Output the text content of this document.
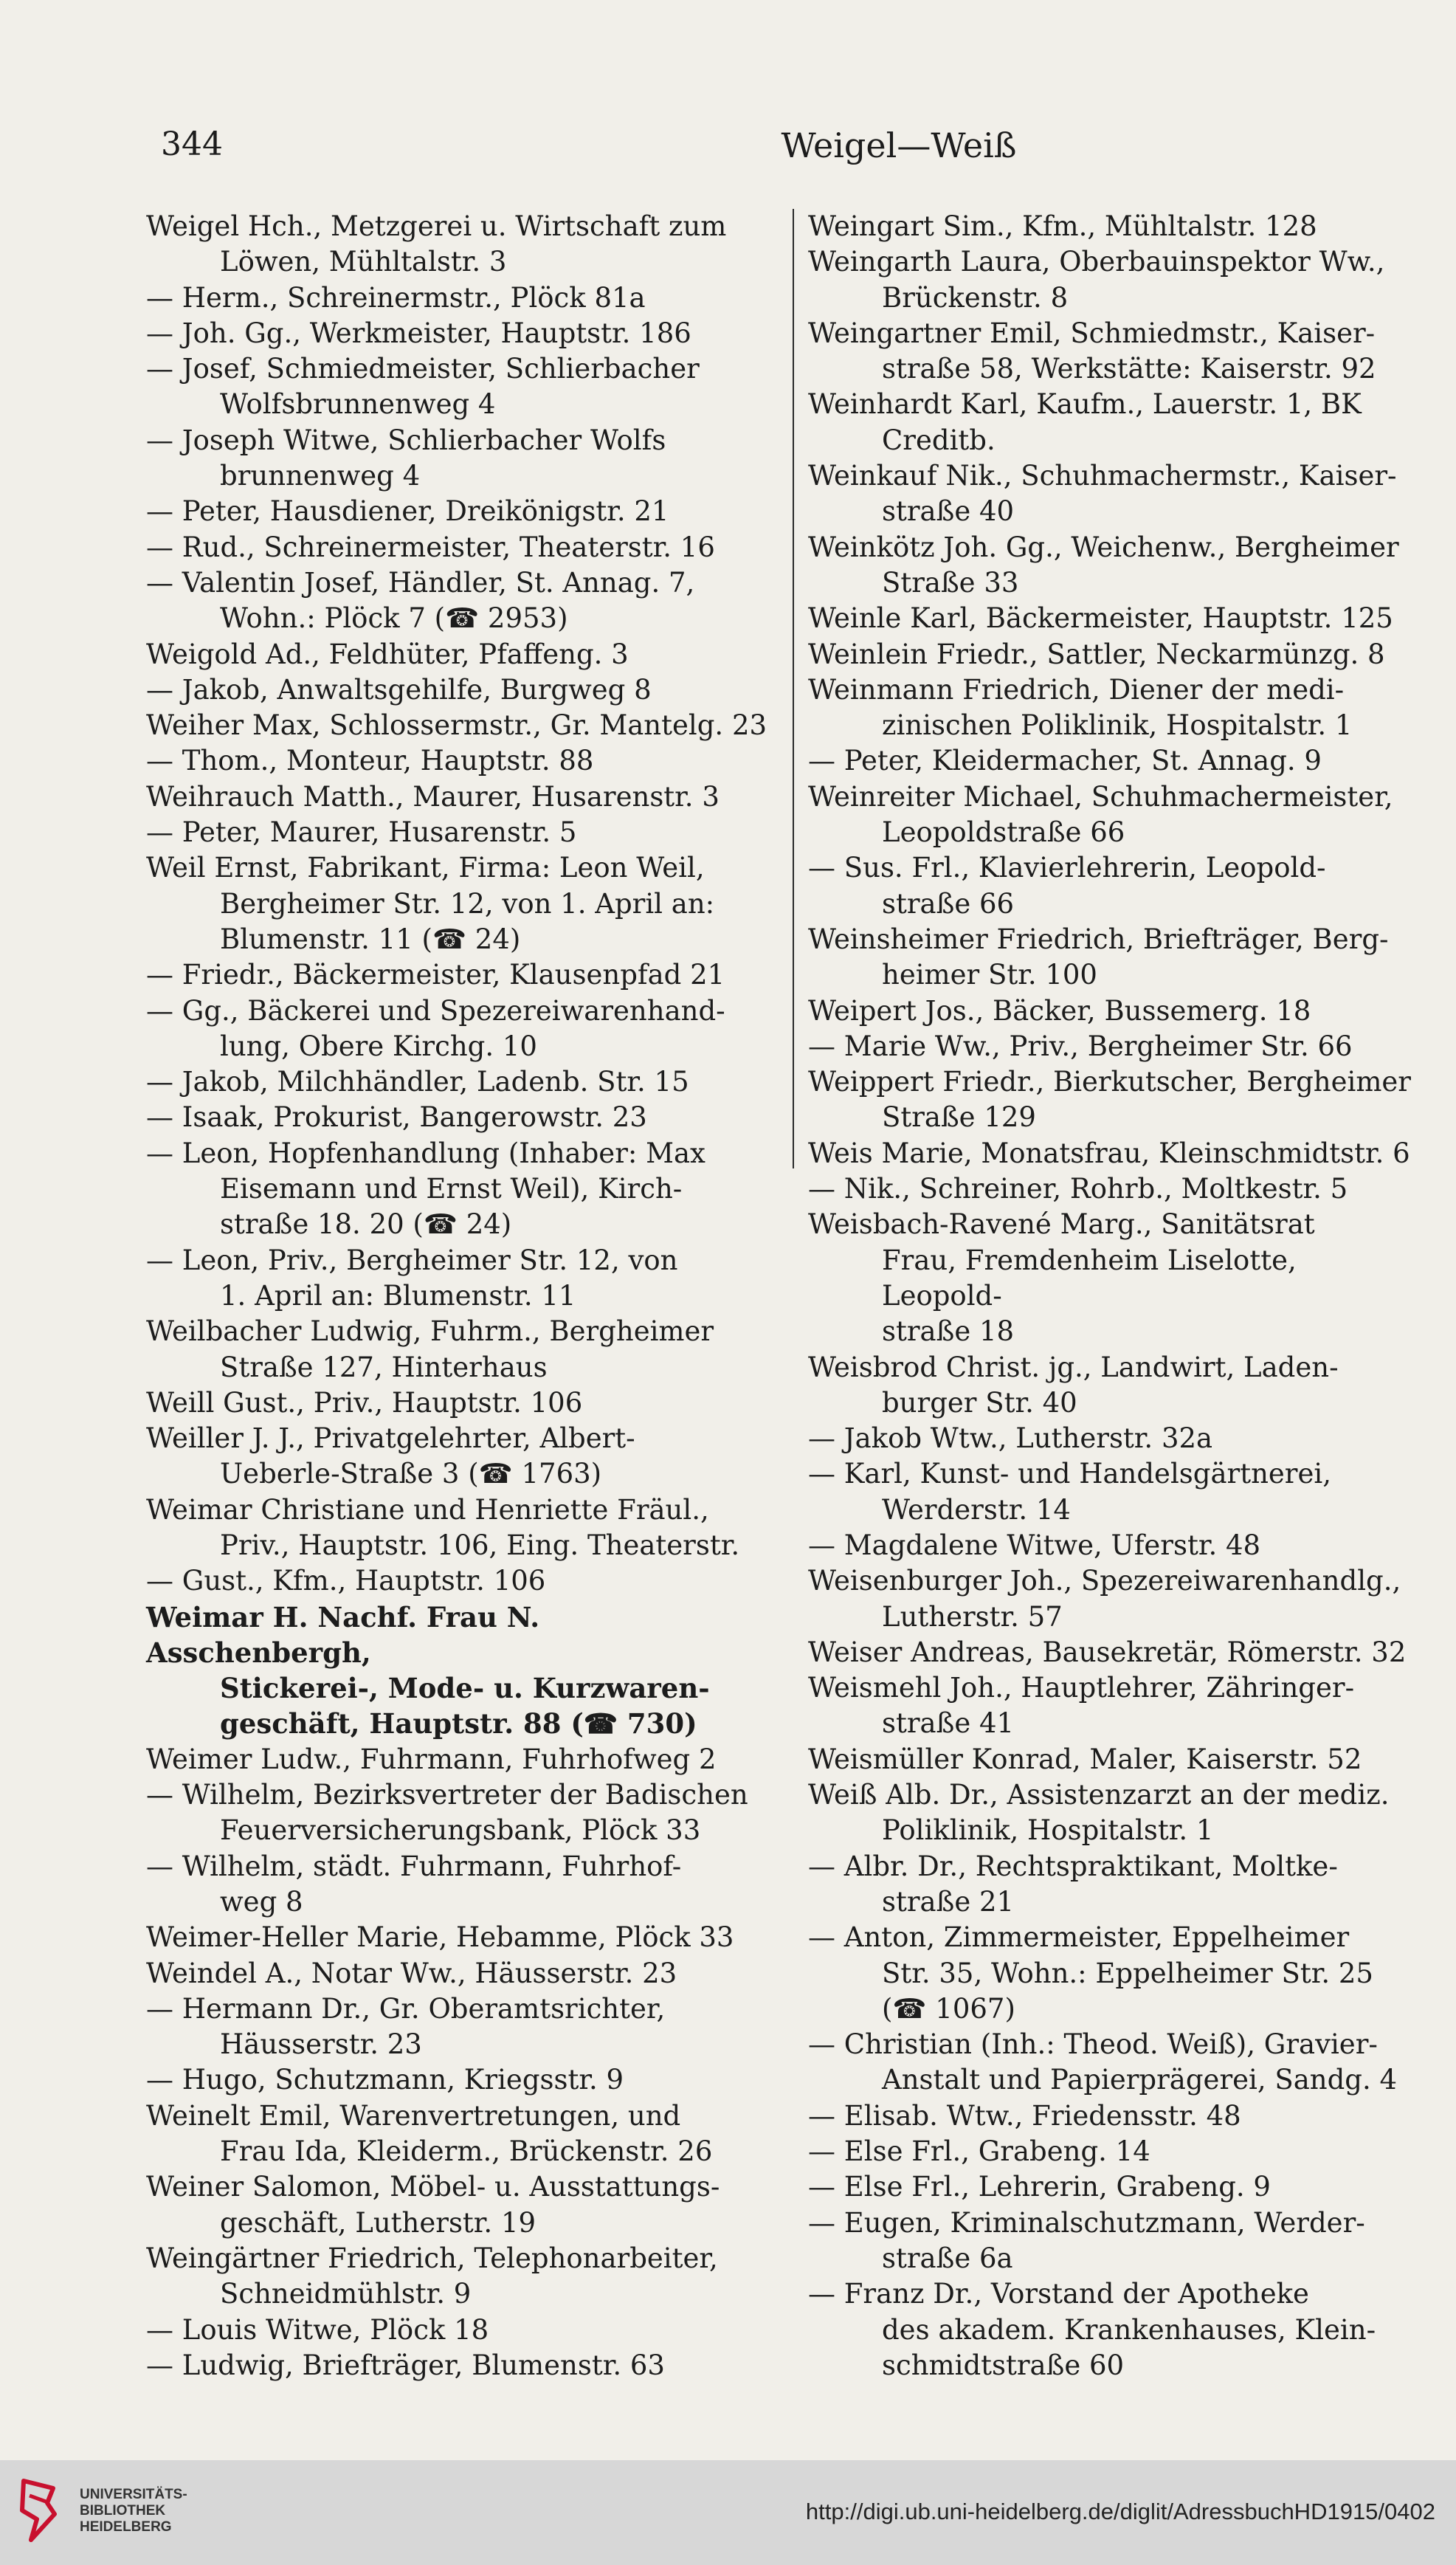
344	Weigel—Weiß
Weigel Hch., Metzgerei u. Wirtschaft zum
Löwen, Mühltalstr. 3
— Herm., Schreinermstr., Plöck 81a
— Joh. Gg., Werkmeister, Hauptstr. 186
— Josef, Schmiedmeister, Schlierbacher
Wolfsbrunnenweg 4
— Joseph Witwe, Schlierbacher Wolfs
brunnenweg 4
— Peter, Hausdiener, Dreikönigstr. 21
— Rud., Schreinermeister, Theaterstr. 16
— Valentin Josef, Händler, St. Annag. 7,
Wohn.: Plöck 7 (☎ 2953)
Weigold Ad., Feldhüter, Pfaffeng. 3
— Jakob, Anwaltsgehilfe, Burgweg 8
Weiher Max, Schlossermstr., Gr. Mantelg. 23
— Thom., Monteur, Hauptstr. 88
Weihrauch Matth., Maurer, Husarenstr. 3
— Peter, Maurer, Husarenstr. 5
Weil Ernst, Fabrikant, Firma: Leon Weil,
Bergheimer Str. 12, von 1. April an:
Blumenstr. 11 (☎ 24)
— Friedr., Bäckermeister, Klausenpfad 21
— Gg., Bäckerei und Spezereiwarenhand-
lung, Obere Kirchg. 10
— Jakob, Milchhändler, Ladenb. Str. 15
— Isaak, Prokurist, Bangerowstr. 23
— Leon, Hopfenhandlung (Inhaber: Max
Eisemann und Ernst Weil), Kirch-
straße 18. 20 (☎ 24)
— Leon, Priv., Bergheimer Str. 12, von
1. April an: Blumenstr. 11
Weilbacher Ludwig, Fuhrm., Bergheimer
Straße 127, Hinterhaus
Weill Gust., Priv., Hauptstr. 106
Weiller J. J., Privatgelehrter, Albert-
Ueberle-Straße 3 (☎ 1763)
Weimar Christiane und Henriette Fräul.,
Priv., Hauptstr. 106, Eing. Theaterstr.
— Gust., Kfm., Hauptstr. 106
Weimar H. Nachf. Frau N. Asschenbergh,
Stickerei-, Mode- u. Kurzwaren-
geschäft, Hauptstr. 88 (☎ 730)
Weimer Ludw., Fuhrmann, Fuhrhofweg 2
— Wilhelm, Bezirksvertreter der Badischen
Feuerversicherungsbank, Plöck 33
— Wilhelm, städt. Fuhrmann, Fuhrhof-
weg 8
Weimer-Heller Marie, Hebamme, Plöck 33
Weindel A., Notar Ww., Häusserstr. 23
— Hermann Dr., Gr. Oberamtsrichter,
Häusserstr. 23
— Hugo, Schutzmann, Kriegsstr. 9
Weinelt Emil, Warenvertretungen, und
Frau Ida, Kleiderm., Brückenstr. 26
Weiner Salomon, Möbel- u. Ausstattungs-
geschäft, Lutherstr. 19
Weingärtner Friedrich, Telephonarbeiter,
Schneidmühlstr. 9
— Louis Witwe, Plöck 18
— Ludwig, Briefträger, Blumenstr. 63
Weingart Sim., Kfm., Mühltalstr. 128
Weingarth Laura, Oberbauinspektor Ww.,
Brückenstr. 8
Weingartner Emil, Schmiedmstr., Kaiser-
straße 58, Werkstätte: Kaiserstr. 92
Weinhardt Karl, Kaufm., Lauerstr. 1, BK
Creditb.
Weinkauf Nik., Schuhmachermstr., Kaiser-
straße 40
Weinkötz Joh. Gg., Weichenw., Bergheimer
Straße 33
Weinle Karl, Bäckermeister, Hauptstr. 125
Weinlein Friedr., Sattler, Neckarmünzg. 8
Weinmann Friedrich, Diener der medi-
zinischen Poliklinik, Hospitalstr. 1
— Peter, Kleidermacher, St. Annag. 9
Weinreiter Michael, Schuhmachermeister,
Leopoldstraße 66
— Sus. Frl., Klavierlehrerin, Leopold-
straße 66
Weinsheimer Friedrich, Briefträger, Berg-
heimer Str. 100
Weipert Jos., Bäcker, Bussemerg. 18
— Marie Ww., Priv., Bergheimer Str. 66
Weippert Friedr., Bierkutscher, Bergheimer
Straße 129
Weis Marie, Monatsfrau, Kleinschmidtstr. 6
— Nik., Schreiner, Rohrb., Moltkestr. 5
Weisbach-Ravené Marg., Sanitätsrat
Frau, Fremdenheim Liselotte, Leopold-
straße 18
Weisbrod Christ. jg., Landwirt, Laden-
burger Str. 40
— Jakob Wtw., Lutherstr. 32a
— Karl, Kunst- und Handelsgärtnerei,
Werderstr. 14
— Magdalene Witwe, Uferstr. 48
Weisenburger Joh., Spezereiwarenhandlg.,
Lutherstr. 57
Weiser Andreas, Bausekretär, Römerstr. 32
Weismehl Joh., Hauptlehrer, Zähringer-
straße 41
Weismüller Konrad, Maler, Kaiserstr. 52
Weiß Alb. Dr., Assistenzarzt an der mediz.
Poliklinik, Hospitalstr. 1
— Albr. Dr., Rechtspraktikant, Moltke-
straße 21
— Anton, Zimmermeister, Eppelheimer
Str. 35, Wohn.: Eppelheimer Str. 25
(☎ 1067)
— Christian (Inh.: Theod. Weiß), Gravier-
Anstalt und Papierprägerei, Sandg. 4
— Elisab. Wtw., Friedensstr. 48
— Else Frl., Grabeng. 14
— Else Frl., Lehrerin, Grabeng. 9
— Eugen, Kriminalschutzmann, Werder-
straße 6a
— Franz Dr., Vorstand der Apotheke
des akadem. Krankenhauses, Klein-
schmidtstraße 60
UNIVERSITÄTS-
BIBLIOTHEK
HEIDELBERG
http://digi.ub.uni-heidelberg.de/diglit/AdressbuchHD1915/0402
